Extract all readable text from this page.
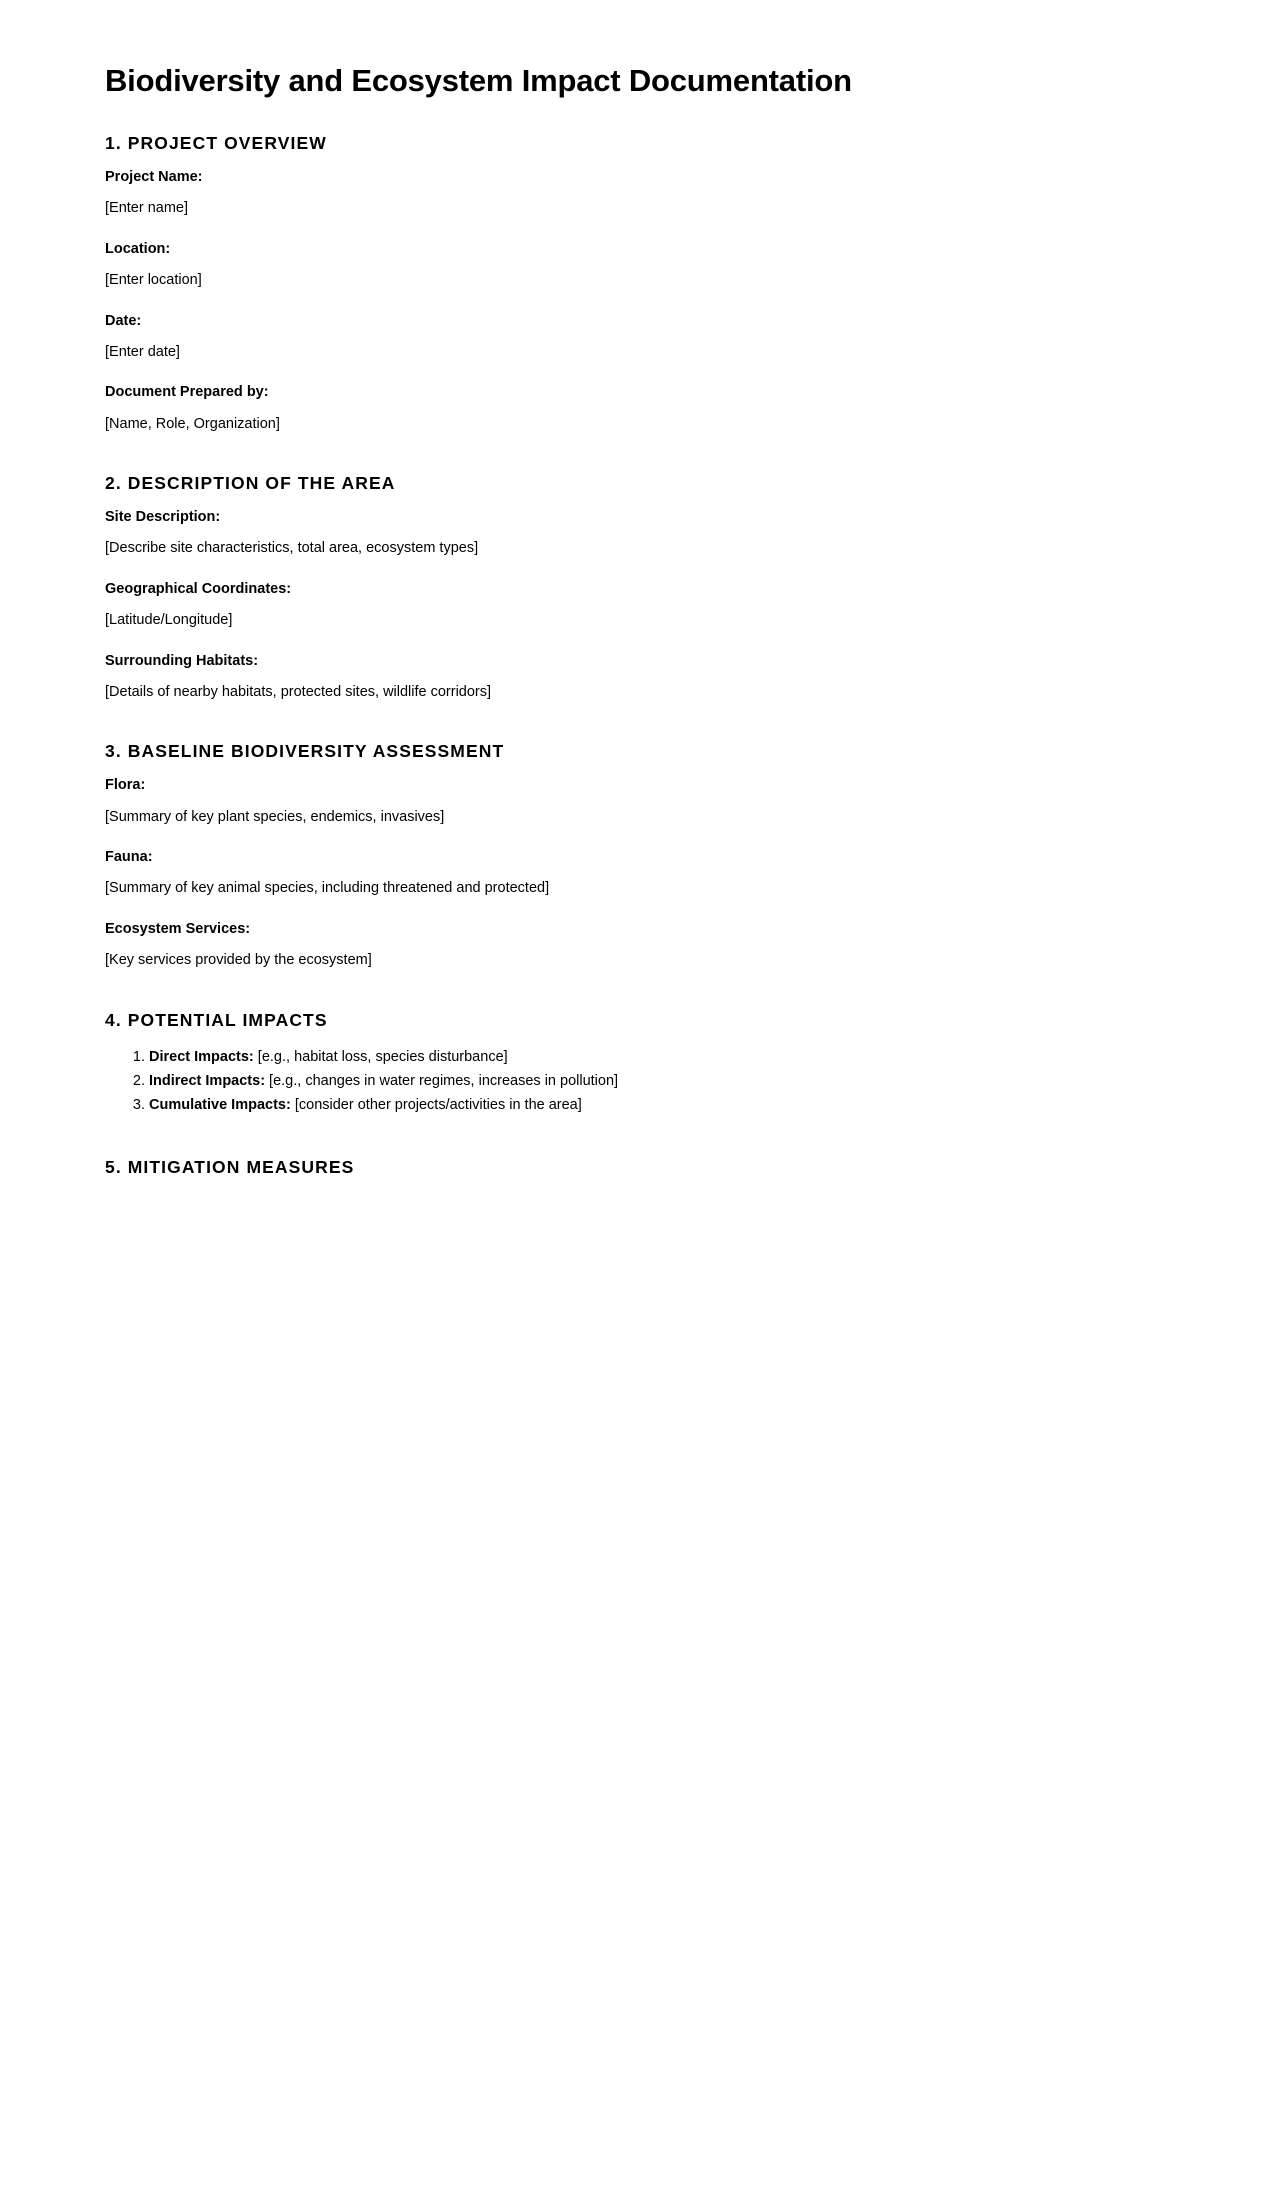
Biodiversity and Ecosystem Impact Documentation
1. PROJECT OVERVIEW
Project Name:
[Enter name]
Location:
[Enter location]
Date:
[Enter date]
Document Prepared by:
[Name, Role, Organization]
2. DESCRIPTION OF THE AREA
Site Description:
[Describe site characteristics, total area, ecosystem types]
Geographical Coordinates:
[Latitude/Longitude]
Surrounding Habitats:
[Details of nearby habitats, protected sites, wildlife corridors]
3. BASELINE BIODIVERSITY ASSESSMENT
Flora:
[Summary of key plant species, endemics, invasives]
Fauna:
[Summary of key animal species, including threatened and protected]
Ecosystem Services:
[Key services provided by the ecosystem]
4. POTENTIAL IMPACTS
1. Direct Impacts: [e.g., habitat loss, species disturbance]
2. Indirect Impacts: [e.g., changes in water regimes, increases in pollution]
3. Cumulative Impacts: [consider other projects/activities in the area]
5. MITIGATION MEASURES
